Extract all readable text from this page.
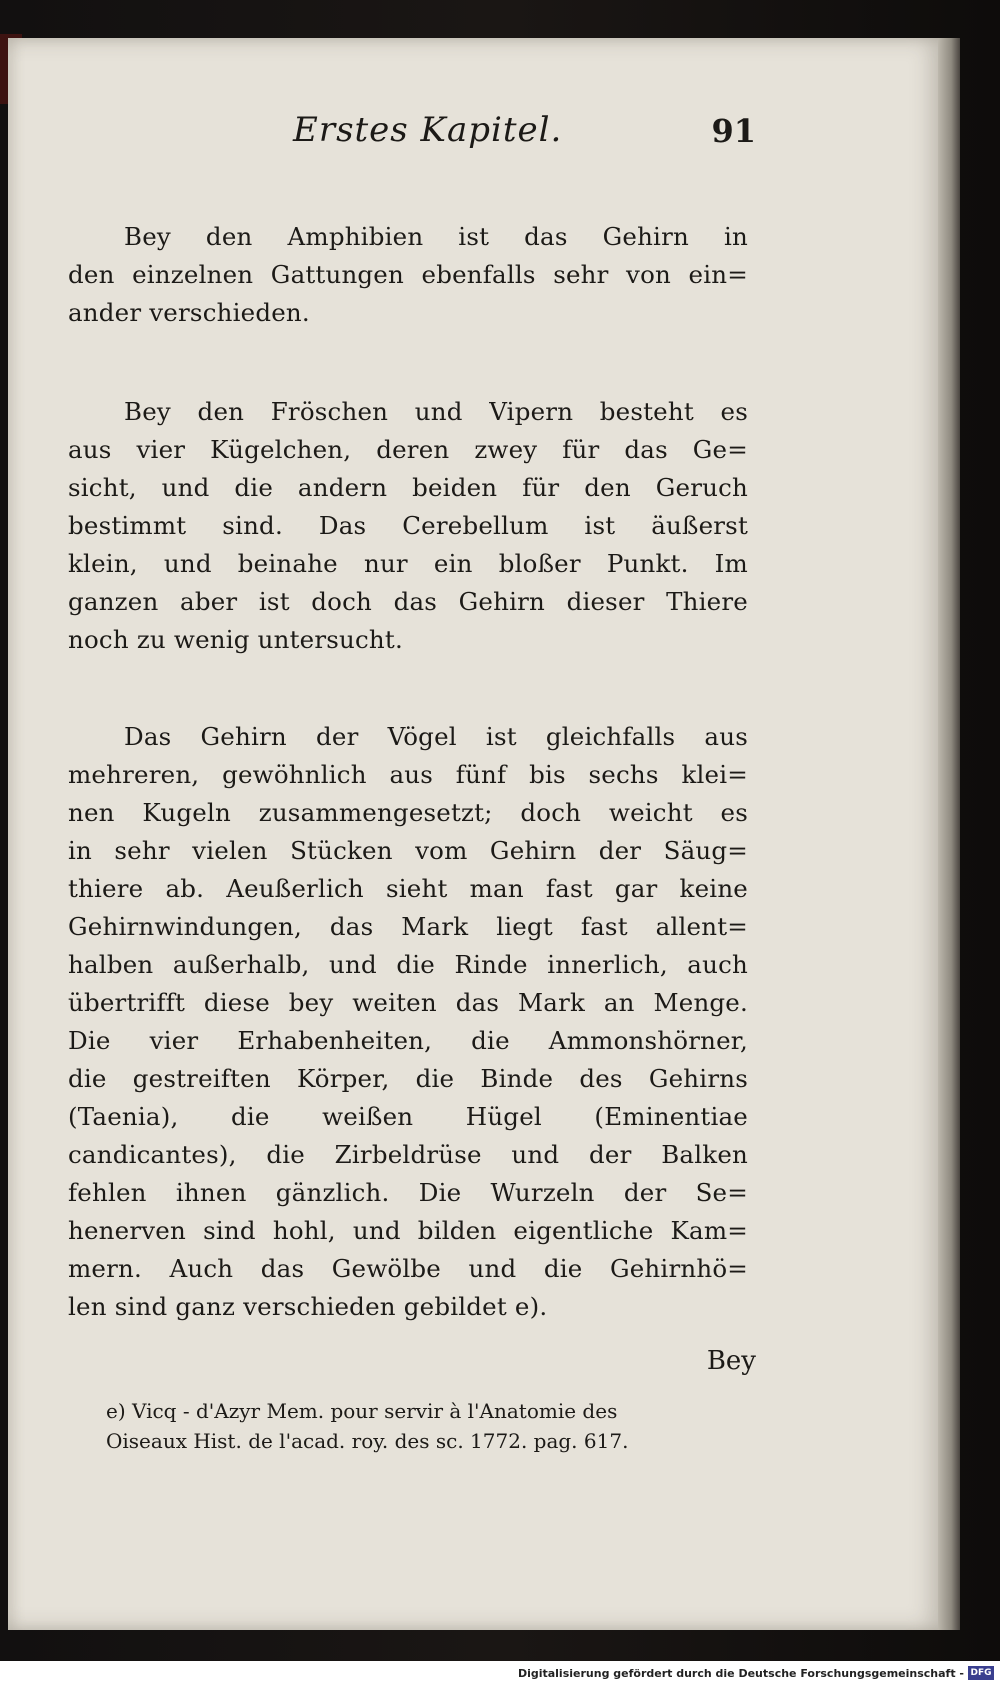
Erstes Kapitel.	91
Bey den Amphibien ist das Gehirn in
den einzelnen Gattungen ebenfalls sehr von ein=
ander verschieden.
Bey den Fröschen und Vipern besteht es
aus vier Kügelchen, deren zwey für das Ge=
sicht, und die andern beiden für den Geruch
bestimmt sind. Das Cerebellum ist äußerst
klein, und beinahe nur ein bloßer Punkt. Im
ganzen aber ist doch das Gehirn dieser Thiere
noch zu wenig untersucht.
Das Gehirn der Vögel ist gleichfalls aus
mehreren, gewöhnlich aus fünf bis sechs klei=
nen Kugeln zusammengesetzt; doch weicht es
in sehr vielen Stücken vom Gehirn der Säug=
thiere ab. Aeußerlich sieht man fast gar keine
Gehirnwindungen, das Mark liegt fast allent=
halben außerhalb, und die Rinde innerlich, auch
übertrifft diese bey weiten das Mark an Menge.
Die vier Erhabenheiten, die Ammonshörner,
die gestreiften Körper, die Binde des Gehirns
(Taenia), die weißen Hügel (Eminentiae
candicantes), die Zirbeldrüse und der Balken
fehlen ihnen gänzlich. Die Wurzeln der Se=
henerven sind hohl, und bilden eigentliche Kam=
mern. Auch das Gewölbe und die Gehirnhö=
len sind ganz verschieden gebildet e).
Bey
e) Vicq - d'Azyr Mem. pour servir à l'Anatomie des
Oiseaux Hist. de l'acad. roy. des sc. 1772. pag. 617.
Digitalisierung gefördert durch die Deutsche Forschungsgemeinschaft - DFG
